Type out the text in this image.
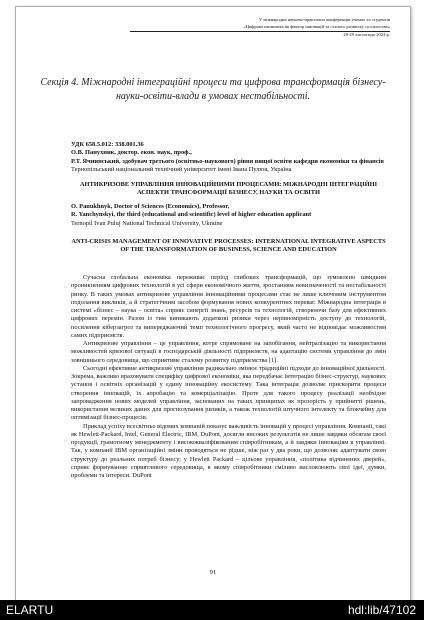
V міжнародна науково-практична конференція учених та студентів
«Цифрова економіка як фактор інновацій та сталого розвитку суспільства»
28-29 листопада 2024 р.
Секція 4. Міжнародні інтеграційні процеси та цифрова трансформація бізнесу-науки-освіти-влади в умовах нестабільності.
УДК 658.5.012: 338.001.36
О.В. Панухник, доктор. екон. наук, проф.,
Р.Т. Ячнинський, здобувач третього (освітньо-наукового) рівня вищої освіти кафедри економіки та фінансів
Тернопільський національний технічний університет імені Івана Пулюя, Україна
АНТИКРИЗОВЕ УПРАВЛІННЯ ІННОВАЦІЙНИМИ ПРОЦЕСАМИ: МІЖНАРОДНІ ІНТЕГРАЦІЙНІ АСПЕКТИ ТРАНСФОРМАЦІЇ БІЗНЕСУ, НАУКИ ТА ОСВІТИ
O. Panukhnyk, Doctor of Sciences (Economics), Professor,
R. Yanchynskyi, the third (educational and scientific) level of higher education applicant
Ternopil Ivan Puluj National Technical University, Ukraine
ANTI-CRISIS MANAGEMENT OF INNOVATIVE PROCESSES: INTERNATIONAL INTEGRATIVE ASPECTS OF THE TRANSFORMATION OF BUSINESS, SCIENCE AND EDUCATION

Сучасна глобальна економіка переживає період глибоких трансформацій, що зумовлено швидким проникненням цифрових технологій в усі сфери економічного життя, зростанням невизначеності та нестабільності ринку. В таких умовах антикризове управління інноваційними процесами стає не лише ключовим інструментом подолання викликів, а й стратегічним засобом формування нових конкурентних переваг. Міжнародна інтеграція в системі «бізнес – наука – освіта» сприяє синергії знань, ресурсів та технологій, створюючи базу для ефективних цифрових перемін. Разом із тим виникають додаткові ризики через нерівномірність доступу до технологій, посилення кіберзагроз та випереджаючий темп технологічного прогресу, який часто не відповідає можливостям самих підприємств.

Антикризове управління – це управління, котре спрямоване на запобігання, нейтралізацію та використання можливостей кризової ситуації в господарській діяльності підприємств, на адаптацію системи управління до змін зовнішнього середовища, що сприятиме сталому розвитку підприємства [1].

Сьогодні ефективне антикризове управління радикально змінює традиційні підходи до інноваційної діяльності. Зокрема, важливо враховувати специфіку цифрової економіки, яка передбачає інтеграцію бізнес-структур, наукових установ і освітніх організацій у єдину інноваційну екосистему. Така інтеграція дозволяє прискорити процеси створення інновацій, їх апробацію та комерціалізацію. Проте для такого процесу реалізації необхідне запровадження нових моделей управління, заснованих на таких принципах як прозорість у прийнятті рішень, використання великих даних для прогнозування ризиків, а також технологій штучного інтелекту та блокчейну для оптимізації бізнес-процесів.

Приклад успіху всесвітньо відомих компаній показує важливість інновацій у процесі управління. Компанії, такі як Hewlett-Packard, Intel, General Electric, IBM, DuPont, досягли високих результатів не лише завдяки обсягам своєї продукції, грамотному менеджменту і висококваліфікованим співробітникам, а й завдяки інноваціям в управлінні. Так, у компанії IBM організаційні зміни проводяться не рідше, ніж раз у два роки, що дозволяє адаптувати свою структуру до реальних потреб бізнесу; у Hewlett Packard – цільове управління, «політика відчинених дверей», сприяє формуванню сприятливого середовища, в якому співробітники сміливо висловлюють свої ідеї, думки, проблеми та інтереси. DuPont

91
ELARTU	hdl:lib/47102
